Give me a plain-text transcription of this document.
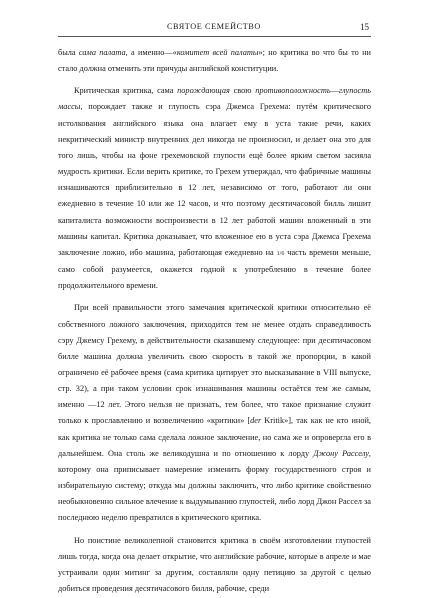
СВЯТОЕ СЕМЕЙСТВО	15

была сама палата, а именно—«комитет всей палаты»; но критика во что бы то ни стало должна отменить эти причуды английской конституции.

Критическая критика, сама порождающая свою противоположность—глупость массы, порождает также и глупость сэра Джемса Грехема: путём критического истолкования английского языка она влагает ему в уста такие речи, каких некритический министр внутренних дел никогда не произносил, и делает она это для того лишь, чтобы на фоне грехемовской глупости ещё более ярким светом засияла мудрость критики. Если верить критике, то Грехем утверждал, что фабричные машины изнашиваются приблизительно в 12 лет, независимо от того, работают ли они ежедневно в течение 10 или же 12 часов, и что поэтому десятичасовой билль лишит капиталиста возможности воспроизвести в 12 лет работой машин вложенный в эти машины капитал. Критика доказывает, что вложенное ею в уста сэра Джемса Грехема заключение ложно, ибо машина, работающая ежедневно на 1/6 часть времени меньше, само собой разумеется, окажется годной к употреблению в течение более продолжительного времени.

При всей правильности этого замечания критической критики относительно её собственного ложного заключения, приходится тем не менее отдать справедливость сэру Джемсу Грехему, в действительности сказавшему следующее: при десятичасовом билле машина должна увеличить свою скорость в такой же пропорции, в какой ограничено её рабочее время (сама критика цитирует это высказывание в VIII выпуске, стр. 32), а при таком условии срок изнашивания машины остаётся тем же самым, именно —12 лет. Этого нельзя не признать, тем более, что такое признание служит только к прославлению и возвеличению «критики» [der Kritik»], так как не кто иной, как критика не только сама сделала ложное заключение, но сама же и опровергла его в дальнейшем. Она столь же великодушна и по отношению к лорду Джону Расселу, которому она приписывает намерение изменить форму государственного строя и избирательную систему; откуда мы должны заключить, что либо критике свойственно необыкновенно сильное влечение к выдумыванию глупостей, либо лорд Джон Рассел за последнюю неделю превратился в критического критика.

Но поистине великолепной становится критика в своём изготовлении глупостей лишь тогда, когда она делает открытие, что английские рабочие, которые в апреле и мае устраивали один митинг за другим, составляли одну петицию за другой с целью добиться проведения десятичасового билля, рабочие, среди
